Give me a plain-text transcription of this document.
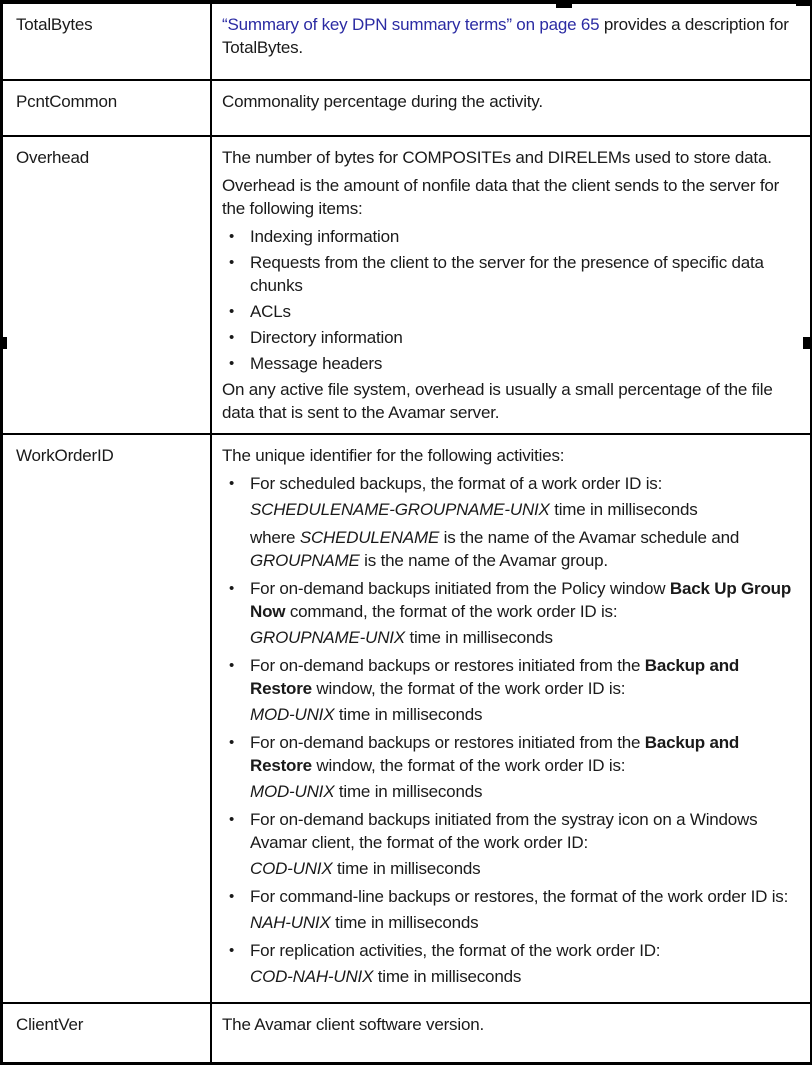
TotalBytes	“Summary of key DPN summary terms” on page 65 provides a description for TotalBytes.

PcntCommon	Commonality percentage during the activity.

Overhead	The number of bytes for COMPOSITEs and DIRELEMs used to store data.
Overhead is the amount of nonfile data that the client sends to the server for the following items:
• Indexing information
• Requests from the client to the server for the presence of specific data chunks
• ACLs
• Directory information
• Message headers
On any active file system, overhead is usually a small percentage of the file data that is sent to the Avamar server.

WorkOrderID	The unique identifier for the following activities:
• For scheduled backups, the format of a work order ID is:
SCHEDULENAME-GROUPNAME-UNIX time in milliseconds
where SCHEDULENAME is the name of the Avamar schedule and GROUPNAME is the name of the Avamar group.
• For on-demand backups initiated from the Policy window Back Up Group Now command, the format of the work order ID is:
GROUPNAME-UNIX time in milliseconds
• For on-demand backups or restores initiated from the Backup and Restore window, the format of the work order ID is:
MOD-UNIX time in milliseconds
• For on-demand backups or restores initiated from the Backup and Restore window, the format of the work order ID is:
MOD-UNIX time in milliseconds
• For on-demand backups initiated from the systray icon on a Windows Avamar client, the format of the work order ID:
COD-UNIX time in milliseconds
• For command-line backups or restores, the format of the work order ID is:
NAH-UNIX time in milliseconds
• For replication activities, the format of the work order ID:
COD-NAH-UNIX time in milliseconds

ClientVer	The Avamar client software version.
